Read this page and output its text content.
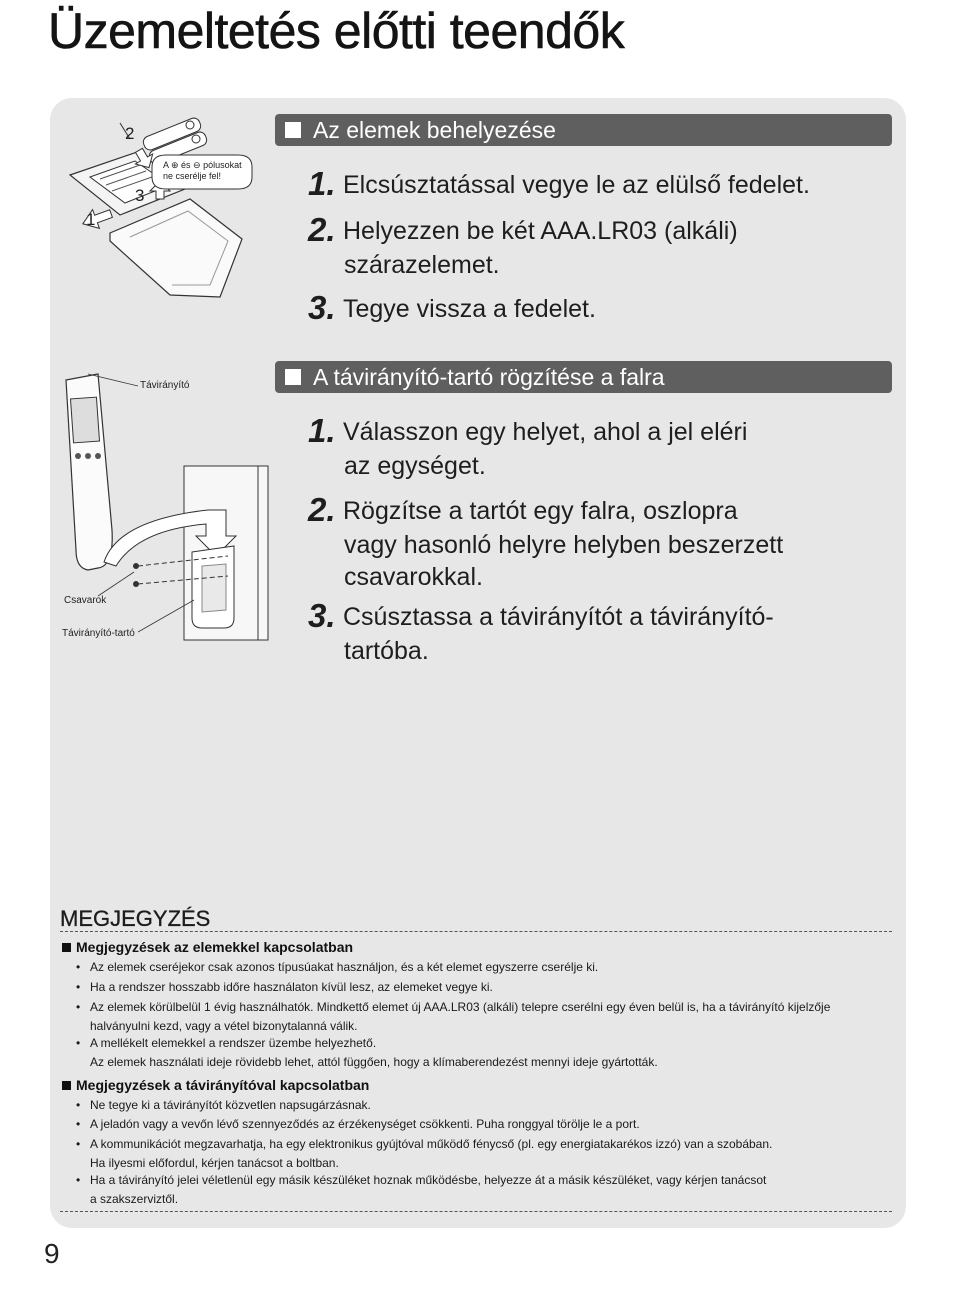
Üzemeltetés előtti teendők
2
3
1
A ⊕ és ⊖ pólusokat
ne cserélje fel!
Az elemek behelyezése
1. Elcsúsztatással vegye le az elülső fedelet.
2. Helyezzen be két AAA.LR03 (alkáli)
szárazelemet.
3. Tegye vissza a fedelet.
Távirányító
Csavarok
Távirányító-tartó
A távirányító-tartó rögzítése a falra
1. Válasszon egy helyet, ahol a jel eléri
az egységet.
2. Rögzítse a tartót egy falra, oszlopra
vagy hasonló helyre helyben beszerzett
csavarokkal.
3. Csúsztassa a távirányítót a távirányító-
tartóba.
MEGJEGYZÉS
Megjegyzések az elemekkel kapcsolatban
• Az elemek cseréjekor csak azonos típusúakat használjon, és a két elemet egyszerre cserélje ki.
• Ha a rendszer hosszabb időre használaton kívül lesz, az elemeket vegye ki.
• Az elemek körülbelül 1 évig használhatók. Mindkettő elemet új AAA.LR03 (alkáli) telepre cserélni egy éven belül is, ha a távirányító kijelzője
halványulni kezd, vagy a vétel bizonytalanná válik.
• A mellékelt elemekkel a rendszer üzembe helyezhető.
Az elemek használati ideje rövidebb lehet, attól függően, hogy a klímaberendezést mennyi ideje gyártották.
Megjegyzések a távirányítóval kapcsolatban
• Ne tegye ki a távirányítót közvetlen napsugárzásnak.
• A jeladón vagy a vevőn lévő szennyeződés az érzékenységet csökkenti. Puha ronggyal törölje le a port.
• A kommunikációt megzavarhatja, ha egy elektronikus gyújtóval működő fénycső (pl. egy energiatakarékos izzó) van a szobában.
Ha ilyesmi előfordul, kérjen tanácsot a boltban.
• Ha a távirányító jelei véletlenül egy másik készüléket hoznak működésbe, helyezze át a másik készüléket, vagy kérjen tanácsot
a szakszerviztől.
9
